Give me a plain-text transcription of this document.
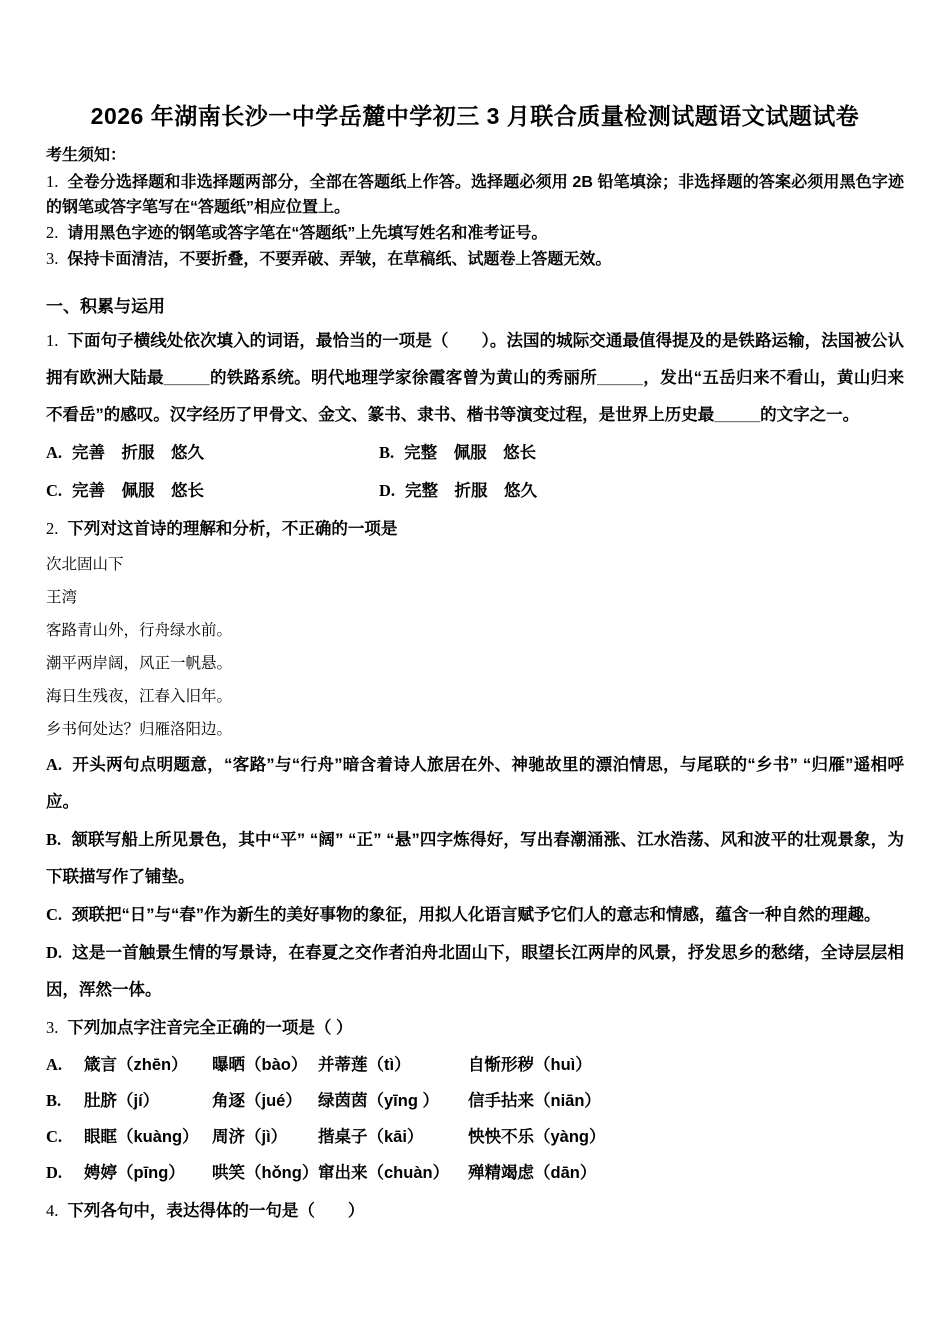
2026 年湖南长沙一中学岳麓中学初三 3 月联合质量检测试题语文试题试卷

考生须知：

1. 全卷分选择题和非选择题两部分，全部在答题纸上作答。选择题必须用 2B 铅笔填涂；非选择题的答案必须用黑色字迹的钢笔或答字笔写在“答题纸”相应位置上。

2. 请用黑色字迹的钢笔或答字笔在“答题纸”上先填写姓名和准考证号。

3. 保持卡面清洁，不要折叠，不要弄破、弄皱，在草稿纸、试题卷上答题无效。

一、积累与运用

1. 下面句子横线处依次填入的词语，最恰当的一项是（　　）。法国的城际交通最值得提及的是铁路运输，法国被公认拥有欧洲大陆最_____的铁路系统。明代地理学家徐霞客曾为黄山的秀丽所_____，发出“五岳归来不看山，黄山归来不看岳”的感叹。汉字经历了甲骨文、金文、篆书、隶书、楷书等演变过程，是世界上历史最_____的文字之一。

A. 完善　折服　悠久	B. 完整　佩服　悠长

C. 完善　佩服　悠长	D. 完整　折服　悠久

2. 下列对这首诗的理解和分析，不正确的一项是

次北固山下

王湾

客路青山外，行舟绿水前。

潮平两岸阔，风正一帆悬。

海日生残夜，江春入旧年。

乡书何处达？归雁洛阳边。

A. 开头两句点明题意，“客路”与“行舟”暗含着诗人旅居在外、神驰故里的漂泊情思，与尾联的“乡书” “归雁”遥相呼应。

B. 颔联写船上所见景色，其中“平” “阔” “正” “悬”四字炼得好，写出春潮涌涨、江水浩荡、风和波平的壮观景象，为下联描写作了铺垫。

C. 颈联把“日”与“春”作为新生的美好事物的象征，用拟人化语言赋予它们人的意志和情感，蕴含一种自然的理趣。

D. 这是一首触景生情的写景诗，在春夏之交作者泊舟北固山下，眼望长江两岸的风景，抒发思乡的愁绪，全诗层层相因，浑然一体。

3. 下列加点字注音完全正确的一项是（ ）

A.	箴言（zhēn）	曝晒（bào） 并蒂莲（tì）	自惭形秽（huì）
B.	肚脐（jí）	角逐（jué） 绿茵茵（yīng ）	信手拈来（niān）
C.	眼眶（kuàng） 周济（jì）	揩桌子（kāi）	怏怏不乐（yàng）
D.	娉婷（pīng）	哄笑（hǒng） 窜出来（chuàn）	殚精竭虑（dān）

4. 下列各句中，表达得体的一句是（　　）
